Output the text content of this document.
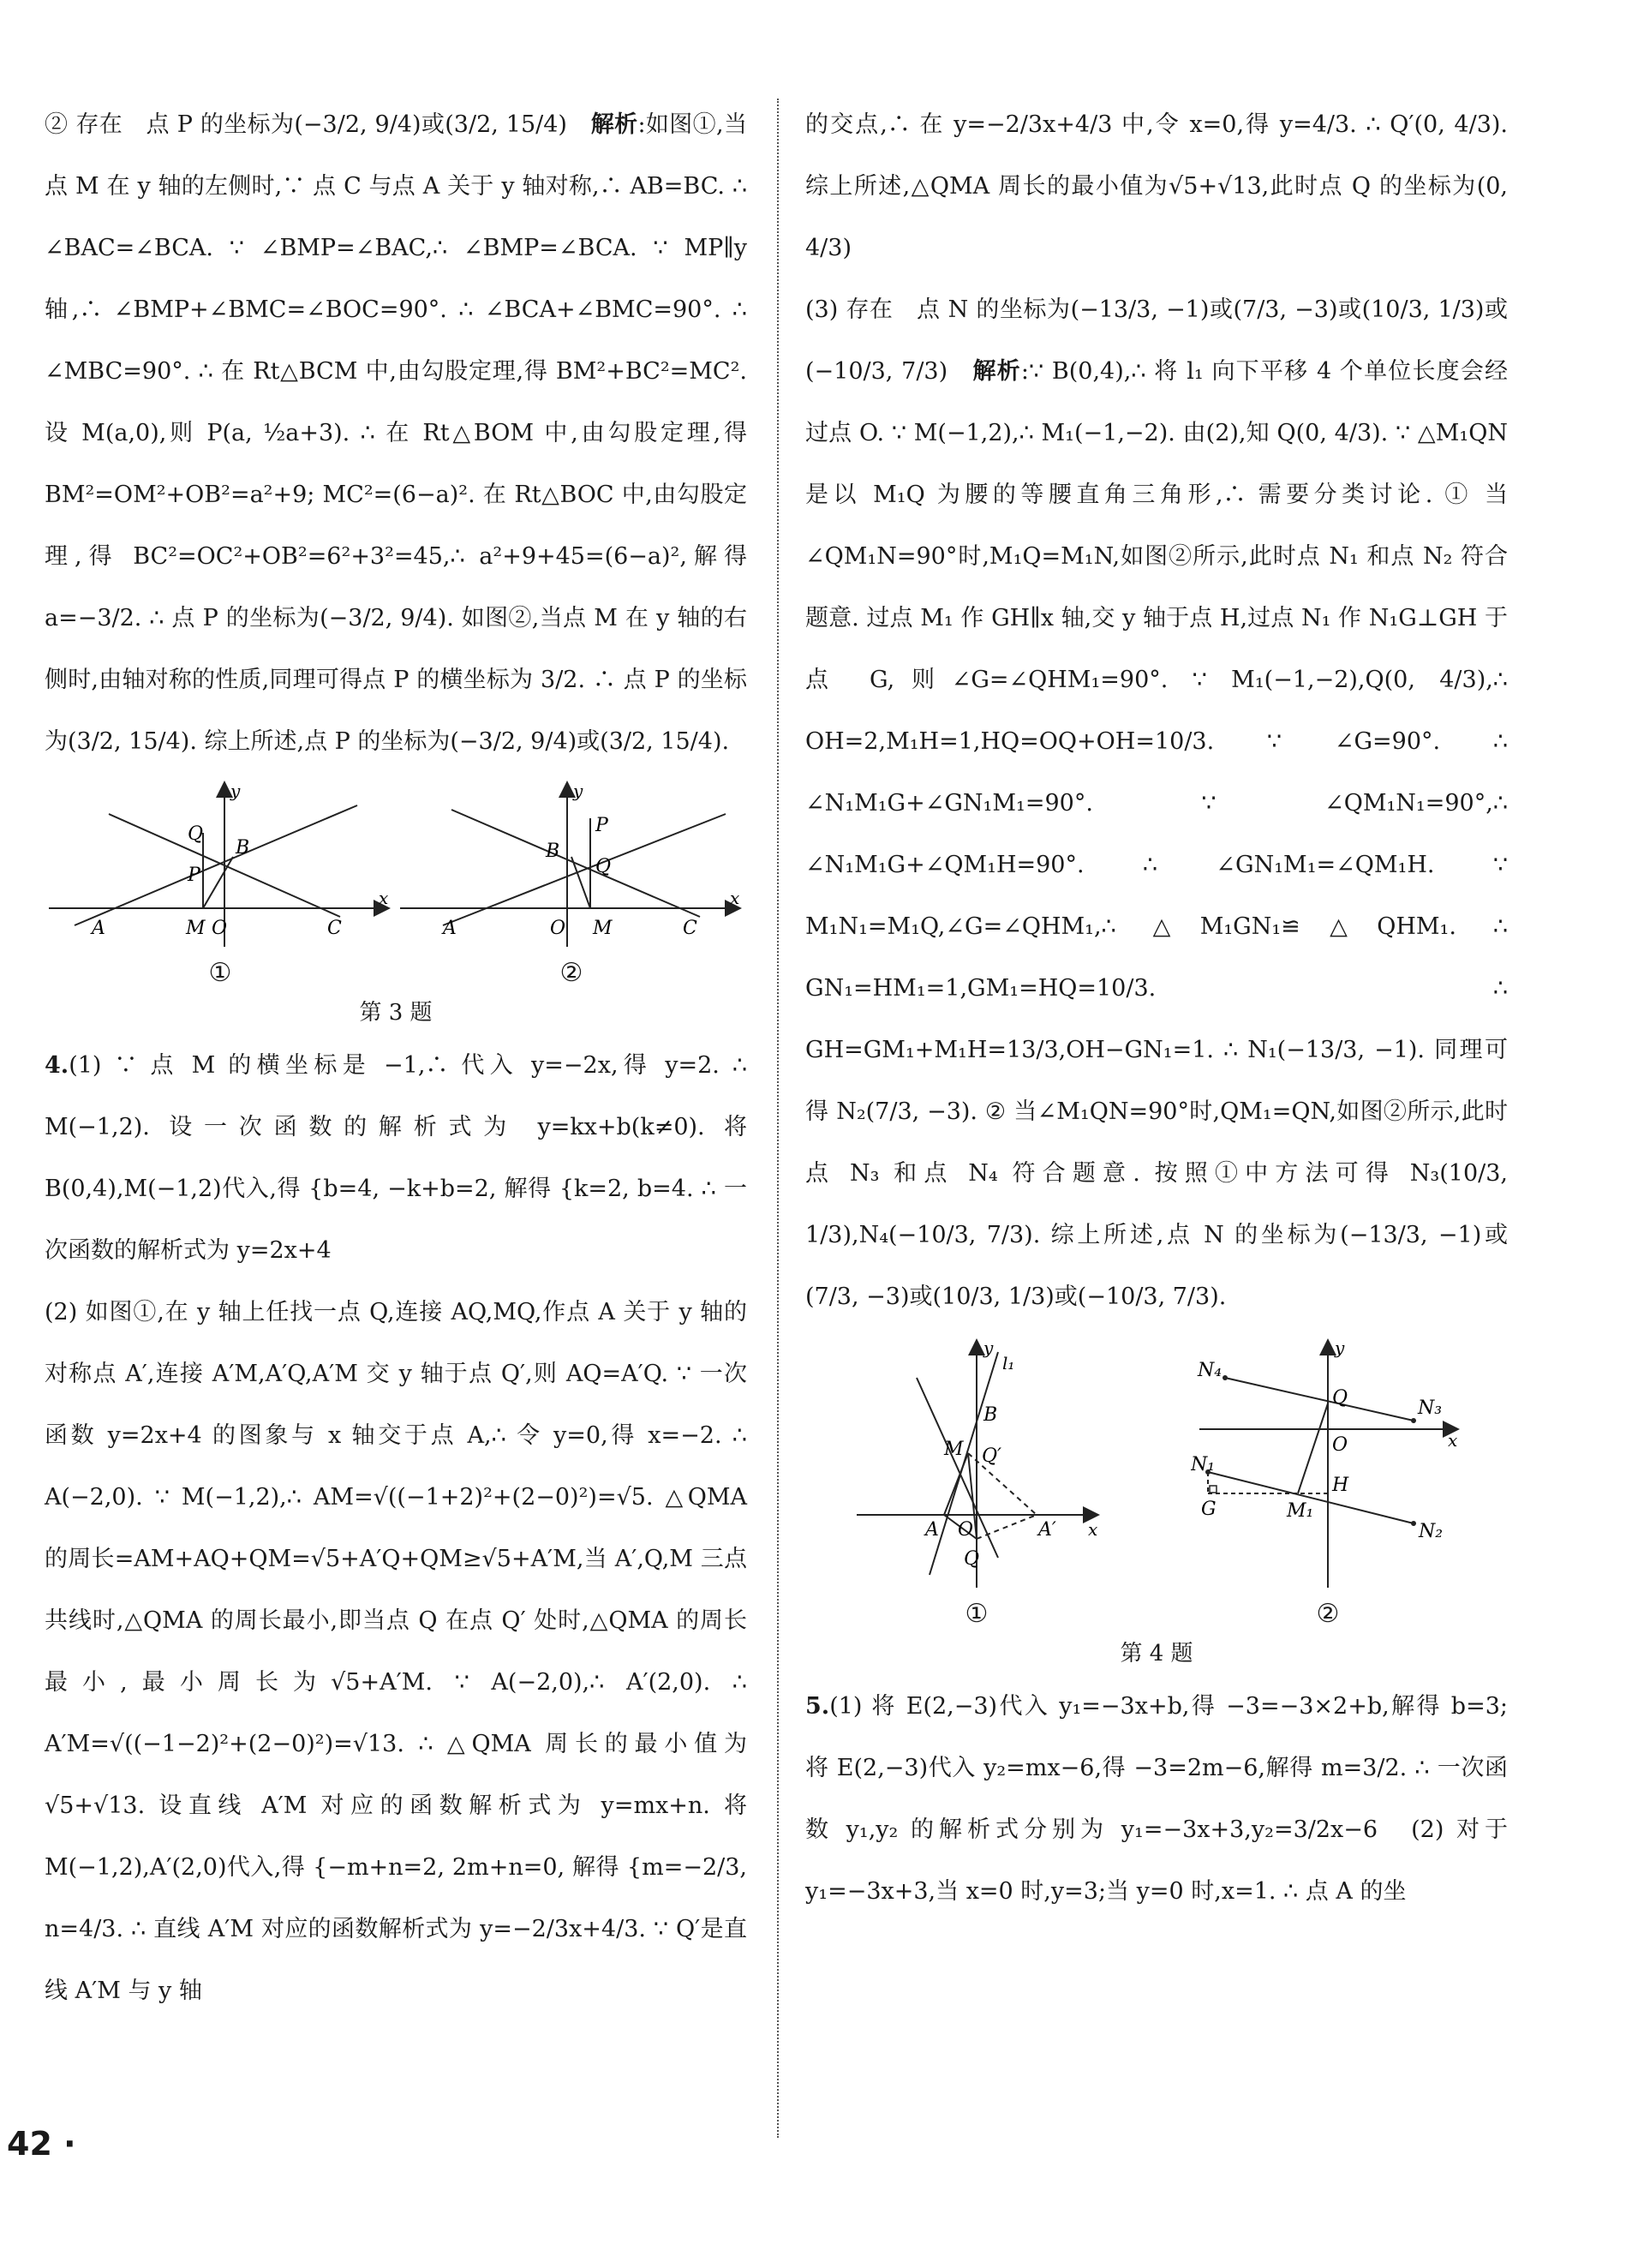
② 存在　点 P 的坐标为(−3/2, 9/4)或(3/2, 15/4)　解析:如图①,当点 M 在 y 轴的左侧时,∵ 点 C 与点 A 关于 y 轴对称,∴ AB=BC. ∴ ∠BAC=∠BCA. ∵ ∠BMP=∠BAC,∴ ∠BMP=∠BCA. ∵ MP∥y 轴,∴ ∠BMP+∠BMC=∠BOC=90°. ∴ ∠BCA+∠BMC=90°. ∴ ∠MBC=90°. ∴ 在 Rt△BCM 中,由勾股定理,得 BM²+BC²=MC². 设 M(a,0),则 P(a, ½a+3). ∴ 在 Rt△BOM 中,由勾股定理,得 BM²=OM²+OB²=a²+9; MC²=(6−a)². 在 Rt△BOC 中,由勾股定理,得 BC²=OC²+OB²=6²+3²=45,∴ a²+9+45=(6−a)²,解得 a=−3/2. ∴ 点 P 的坐标为(−3/2, 9/4). 如图②,当点 M 在 y 轴的右侧时,由轴对称的性质,同理可得点 P 的横坐标为 3/2. ∴ 点 P 的坐标为(3/2, 15/4). 综上所述,点 P 的坐标为(−3/2, 9/4)或(3/2, 15/4).

y
x
Q
B
P
A	M O	C
①
y
x
B
P
Q
A	O M	C
②
第 3 题

4.(1) ∵ 点 M 的横坐标是 −1,∴ 代入 y=−2x,得 y=2. ∴ M(−1,2). 设一次函数的解析式为 y=kx+b(k≠0). 将 B(0,4),M(−1,2)代入,得 {b=4, −k+b=2, 解得 {k=2, b=4. ∴ 一次函数的解析式为 y=2x+4

(2) 如图①,在 y 轴上任找一点 Q,连接 AQ,MQ,作点 A 关于 y 轴的对称点 A′,连接 A′M,A′Q,A′M 交 y 轴于点 Q′,则 AQ=A′Q. ∵ 一次函数 y=2x+4 的图象与 x 轴交于点 A,∴ 令 y=0,得 x=−2. ∴ A(−2,0). ∵ M(−1,2),∴ AM=√((−1+2)²+(2−0)²)=√5. △QMA 的周长=AM+AQ+QM=√5+A′Q+QM≥√5+A′M,当 A′,Q,M 三点共线时,△QMA 的周长最小,即当点 Q 在点 Q′ 处时,△QMA 的周长最小,最小周长为√5+A′M. ∵ A(−2,0),∴ A′(2,0). ∴ A′M=√((−1−2)²+(2−0)²)=√13. ∴ △QMA 周长的最小值为√5+√13. 设直线 A′M 对应的函数解析式为 y=mx+n. 将 M(−1,2),A′(2,0)代入,得 {−m+n=2, 2m+n=0, 解得 {m=−2/3, n=4/3. ∴ 直线 A′M 对应的函数解析式为 y=−2/3x+4/3. ∵ Q′是直线 A′M 与 y 轴

的交点,∴ 在 y=−2/3x+4/3 中,令 x=0,得 y=4/3. ∴ Q′(0, 4/3). 综上所述,△QMA 周长的最小值为√5+√13,此时点 Q 的坐标为(0, 4/3)

(3) 存在　点 N 的坐标为(−13/3, −1)或(7/3, −3)或(10/3, 1/3)或(−10/3, 7/3)　解析:∵ B(0,4),∴ 将 l₁ 向下平移 4 个单位长度会经过点 O. ∵ M(−1,2),∴ M₁(−1,−2). 由(2),知 Q(0, 4/3). ∵ △M₁QN 是以 M₁Q 为腰的等腰直角三角形,∴ 需要分类讨论. ① 当∠QM₁N=90°时,M₁Q=M₁N,如图②所示,此时点 N₁ 和点 N₂ 符合题意. 过点 M₁ 作 GH∥x 轴,交 y 轴于点 H,过点 N₁ 作 N₁G⊥GH 于点 G,则∠G=∠QHM₁=90°. ∵ M₁(−1,−2),Q(0, 4/3),∴ OH=2,M₁H=1,HQ=OQ+OH=10/3. ∵ ∠G=90°. ∴ ∠N₁M₁G+∠GN₁M₁=90°. ∵ ∠QM₁N₁=90°,∴ ∠N₁M₁G+∠QM₁H=90°. ∴ ∠GN₁M₁=∠QM₁H. ∵ M₁N₁=M₁Q,∠G=∠QHM₁,∴ △M₁GN₁≌△QHM₁. ∴ GN₁=HM₁=1,GM₁=HQ=10/3. ∴ GH=GM₁+M₁H=13/3,OH−GN₁=1. ∴ N₁(−13/3, −1). 同理可得 N₂(7/3, −3). ② 当∠M₁QN=90°时,QM₁=QN,如图②所示,此时点 N₃ 和点 N₄ 符合题意. 按照①中方法可得 N₃(10/3, 1/3),N₄(−10/3, 7/3). 综上所述,点 N 的坐标为(−13/3, −1)或(7/3, −3)或(10/3, 1/3)或(−10/3, 7/3).

y
l₁
B
M Q′
A O	A′ x
Q
①
y
N₄
Q	N₃
O	x
N₁
H
G	M₁
N₂
②
第 4 题

5.(1) 将 E(2,−3)代入 y₁=−3x+b,得 −3=−3×2+b,解得 b=3; 将 E(2,−3)代入 y₂=mx−6,得 −3=2m−6,解得 m=3/2. ∴ 一次函数 y₁,y₂ 的解析式分别为 y₁=−3x+3,y₂=3/2x−6　(2) 对于 y₁=−3x+3,当 x=0 时,y=3;当 y=0 时,x=1. ∴ 点 A 的坐

42 ·
